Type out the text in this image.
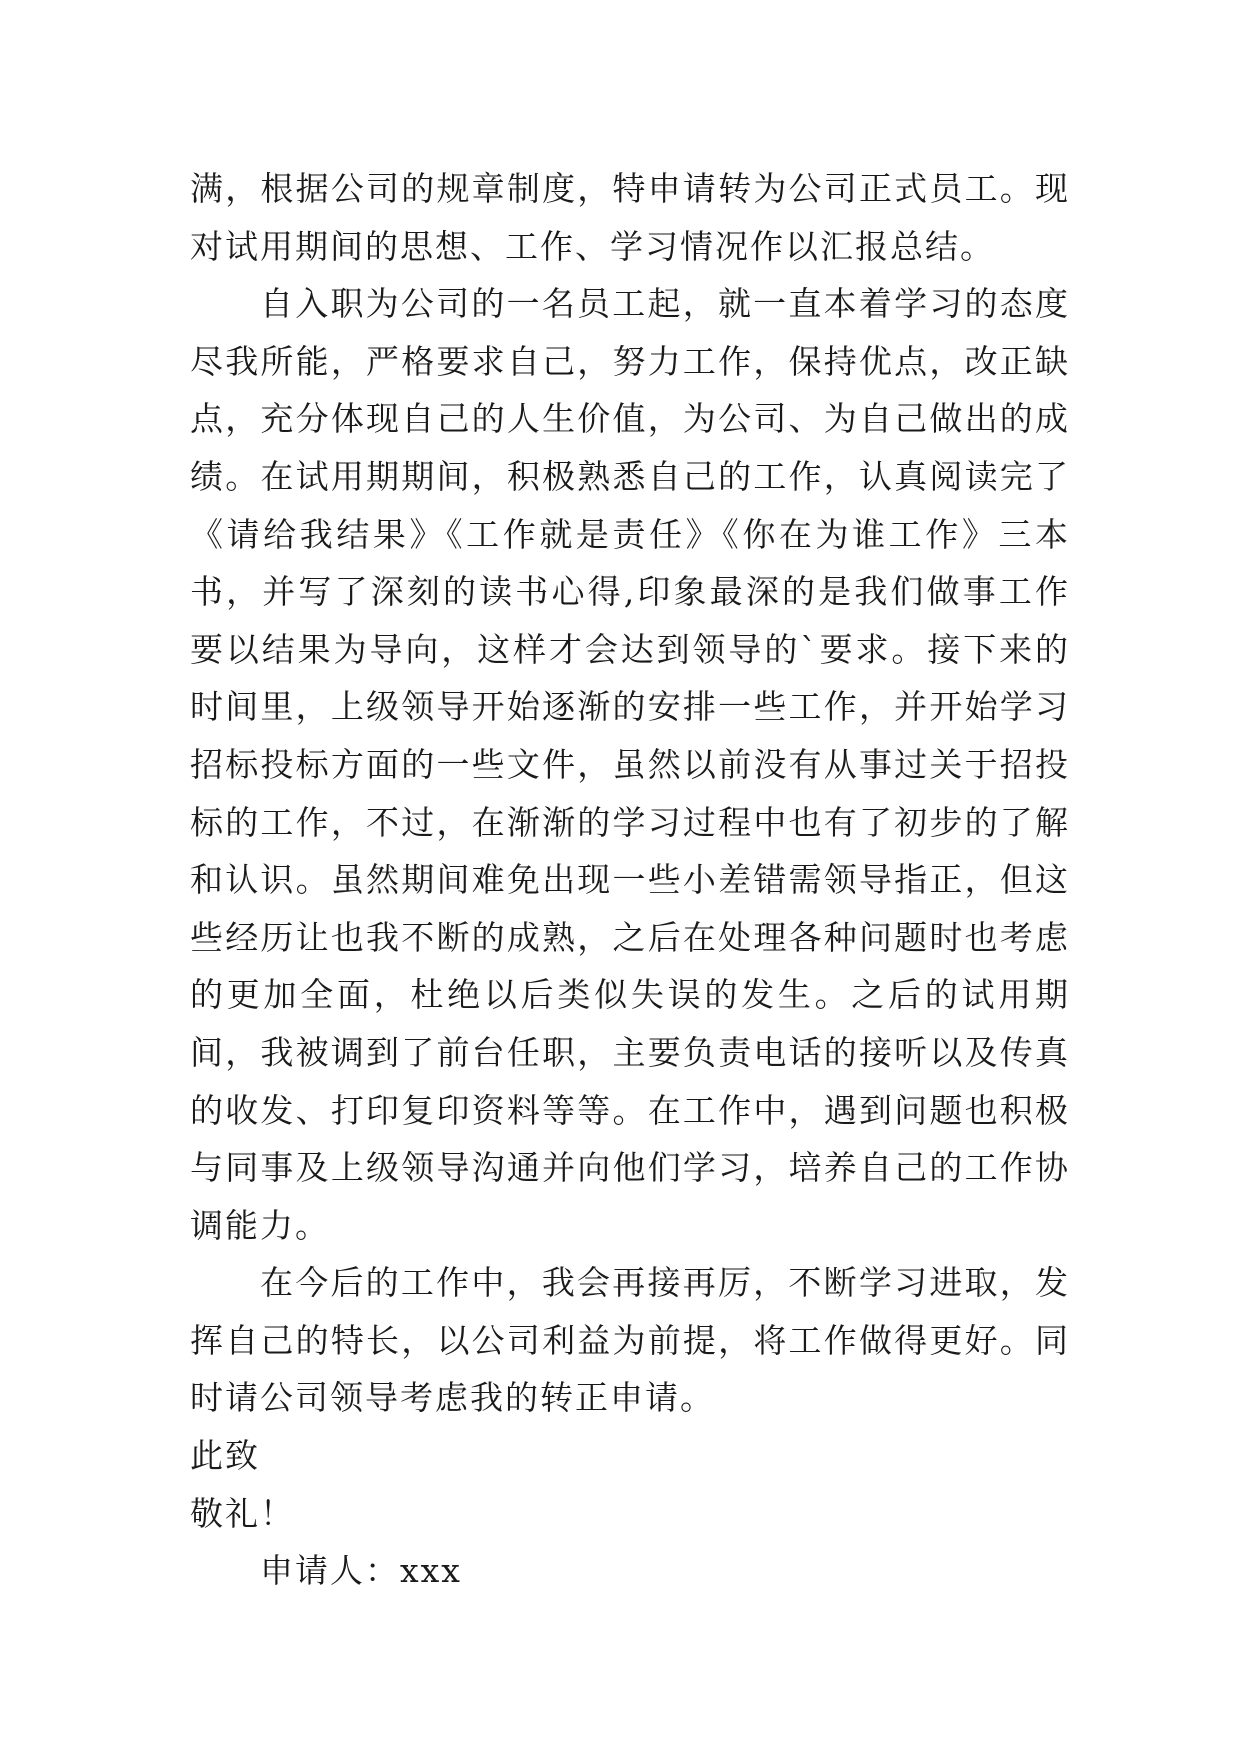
满，根据公司的规章制度，特申请转为公司正式员工。现对试用期间的思想、工作、学习情况作以汇报总结。

自入职为公司的一名员工起，就一直本着学习的态度尽我所能，严格要求自己，努力工作，保持优点，改正缺点，充分体现自己的人生价值，为公司、为自己做出的成绩。在试用期期间，积极熟悉自己的工作，认真阅读完了《请给我结果》《工作就是责任》《你在为谁工作》三本书，并写了深刻的读书心得,印象最深的是我们做事工作要以结果为导向，这样才会达到领导的`要求。接下来的时间里，上级领导开始逐渐的安排一些工作，并开始学习招标投标方面的一些文件，虽然以前没有从事过关于招投标的工作，不过，在渐渐的学习过程中也有了初步的了解和认识。虽然期间难免出现一些小差错需领导指正，但这些经历让也我不断的成熟，之后在处理各种问题时也考虑的更加全面，杜绝以后类似失误的发生。之后的试用期间，我被调到了前台任职，主要负责电话的接听以及传真的收发、打印复印资料等等。在工作中，遇到问题也积极与同事及上级领导沟通并向他们学习，培养自己的工作协调能力。

在今后的工作中，我会再接再厉，不断学习进取，发挥自己的特长，以公司利益为前提，将工作做得更好。同时请公司领导考虑我的转正申请。

此致

敬礼！

申请人：xxx
